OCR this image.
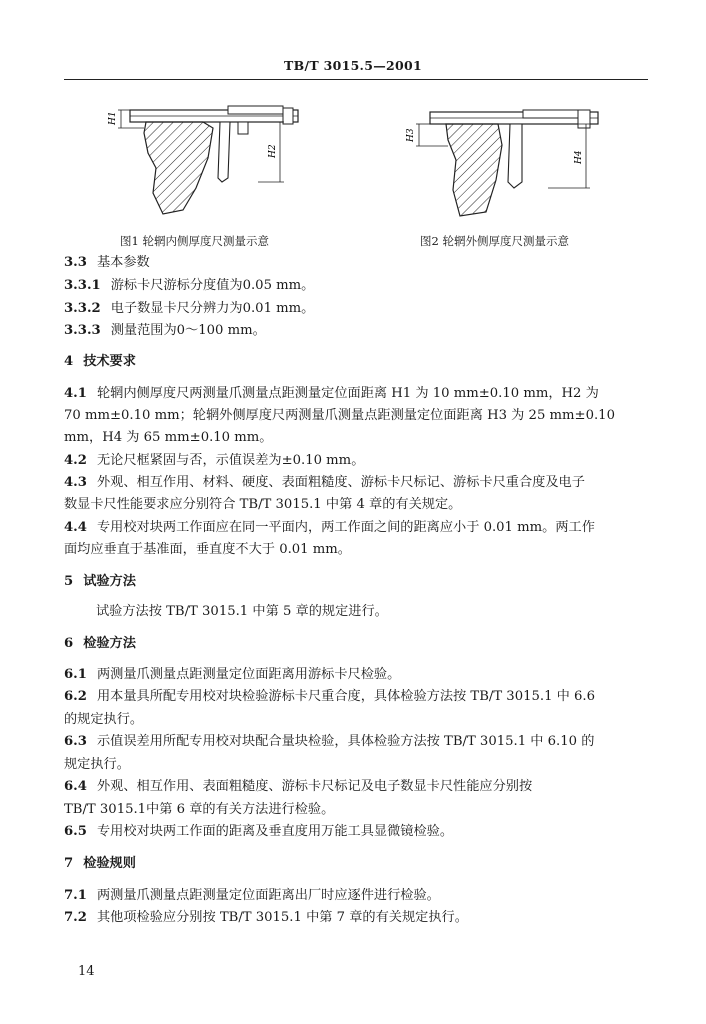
TB/T 3015.5—2001
H1
H2
图1 轮辋内侧厚度尺测量示意
H3
H4
图2 轮辋外侧厚度尺测量示意
3.3 基本参数
3.3.1 游标卡尺游标分度值为0.05 mm。
3.3.2 电子数显卡尺分辨力为0.01 mm。
3.3.3 测量范围为0～100 mm。
4 技术要求
4.1 轮辋内侧厚度尺两测量爪测量点距测量定位面距离 H1 为 10 mm±0.10 mm，H2 为
70 mm±0.10 mm；轮辋外侧厚度尺两测量爪测量点距测量定位面距离 H3 为 25 mm±0.10
mm，H4 为 65 mm±0.10 mm。
4.2 无论尺框紧固与否，示值误差为±0.10 mm。
4.3 外观、相互作用、材料、硬度、表面粗糙度、游标卡尺标记、游标卡尺重合度及电子
数显卡尺性能要求应分别符合 TB/T 3015.1 中第 4 章的有关规定。
4.4 专用校对块两工作面应在同一平面内，两工作面之间的距离应小于 0.01 mm。两工作
面均应垂直于基准面，垂直度不大于 0.01 mm。
5 试验方法
试验方法按 TB/T 3015.1 中第 5 章的规定进行。
6 检验方法
6.1 两测量爪测量点距测量定位面距离用游标卡尺检验。
6.2 用本量具所配专用校对块检验游标卡尺重合度，具体检验方法按 TB/T 3015.1 中 6.6
的规定执行。
6.3 示值误差用所配专用校对块配合量块检验，具体检验方法按 TB/T 3015.1 中 6.10 的
规定执行。
6.4 外观、相互作用、表面粗糙度、游标卡尺标记及电子数显卡尺性能应分别按
TB/T 3015.1中第 6 章的有关方法进行检验。
6.5 专用校对块两工作面的距离及垂直度用万能工具显微镜检验。
7 检验规则
7.1 两测量爪测量点距测量定位面距离出厂时应逐件进行检验。
7.2 其他项检验应分别按 TB/T 3015.1 中第 7 章的有关规定执行。
14
